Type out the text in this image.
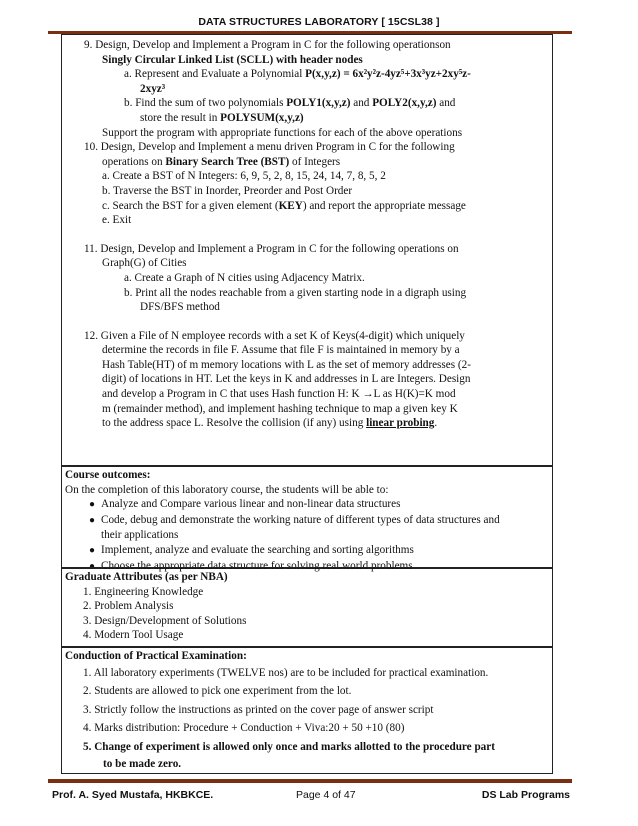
DATA STRUCTURES LABORATORY [ 15CSL38 ]
9. Design, Develop and Implement a Program in C for the following operationson
Singly Circular Linked List (SCLL) with header nodes
a. Represent and Evaluate a Polynomial P(x,y,z) = 6x²y²z-4yz⁵+3x³yz+2xy⁵z-
2xyz³
b. Find the sum of two polynomials POLY1(x,y,z) and POLY2(x,y,z) and
store the result in POLYSUM(x,y,z)
Support the program with appropriate functions for each of the above operations
10. Design, Develop and Implement a menu driven Program in C for the following
operations on Binary Search Tree (BST) of Integers
a. Create a BST of N Integers: 6, 9, 5, 2, 8, 15, 24, 14, 7, 8, 5, 2
b. Traverse the BST in Inorder, Preorder and Post Order
c. Search the BST for a given element (KEY) and report the appropriate message
e. Exit
11. Design, Develop and Implement a Program in C for the following operations on
Graph(G) of Cities
a. Create a Graph of N cities using Adjacency Matrix.
b. Print all the nodes reachable from a given starting node in a digraph using
DFS/BFS method
12. Given a File of N employee records with a set K of Keys(4-digit) which uniquely
determine the records in file F. Assume that file F is maintained in memory by a
Hash Table(HT) of m memory locations with L as the set of memory addresses (2-
digit) of locations in HT. Let the keys in K and addresses in L are Integers. Design
and develop a Program in C that uses Hash function H: K →L as H(K)=K mod
m (remainder method), and implement hashing technique to map a given key K
to the address space L. Resolve the collision (if any) using linear probing.
Course outcomes:
On the completion of this laboratory course, the students will be able to:
● Analyze and Compare various linear and non-linear data structures
● Code, debug and demonstrate the working nature of different types of data structures and
their applications
● Implement, analyze and evaluate the searching and sorting algorithms
● Choose the appropriate data structure for solving real world problems
Graduate Attributes (as per NBA)
1. Engineering Knowledge
2. Problem Analysis
3. Design/Development of Solutions
4. Modern Tool Usage
Conduction of Practical Examination:
1. All laboratory experiments (TWELVE nos) are to be included for practical examination.
2. Students are allowed to pick one experiment from the lot.
3. Strictly follow the instructions as printed on the cover page of answer script
4. Marks distribution: Procedure + Conduction + Viva:20 + 50 +10 (80)
5. Change of experiment is allowed only once and marks allotted to the procedure part
to be made zero.
Prof. A. Syed Mustafa, HKBKCE.	Page 4 of 47	DS Lab Programs
